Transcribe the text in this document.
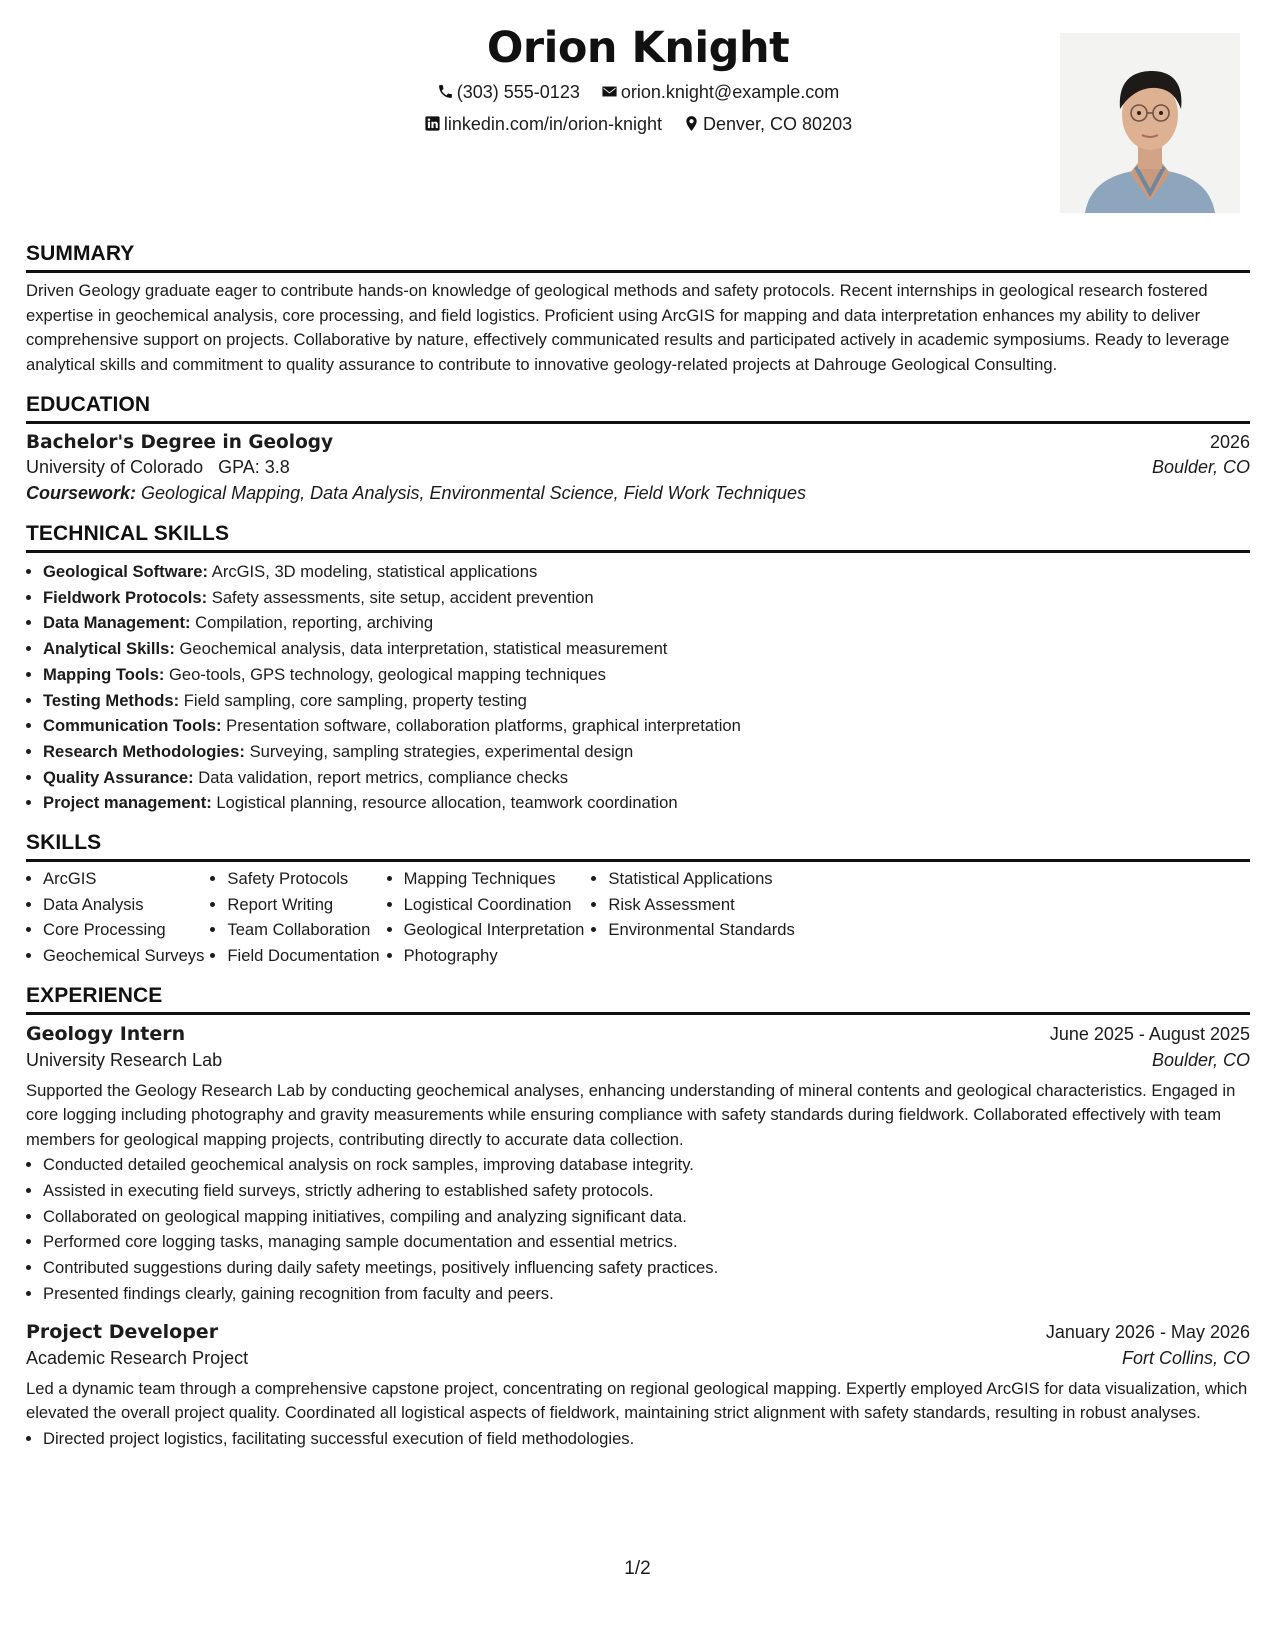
Orion Knight
(303) 555-0123 orion.knight@example.com
linkedin.com/in/orion-knight Denver, CO 80203
SUMMARY

Driven Geology graduate eager to contribute hands-on knowledge of geological methods and safety protocols. Recent internships in geological research fostered expertise in geochemical analysis, core processing, and field logistics. Proficient using ArcGIS for mapping and data interpretation enhances my ability to deliver comprehensive support on projects. Collaborative by nature, effectively communicated results and participated actively in academic symposiums. Ready to leverage analytical skills and commitment to quality assurance to contribute to innovative geology-related projects at Dahrouge Geological Consulting.

EDUCATION
Bachelor's Degree in Geology	2026
University of Colorado GPA: 3.8	Boulder, CO
Coursework: Geological Mapping, Data Analysis, Environmental Science, Field Work Techniques
TECHNICAL SKILLS
• Geological Software: ArcGIS, 3D modeling, statistical applications
• Fieldwork Protocols: Safety assessments, site setup, accident prevention
• Data Management: Compilation, reporting, archiving
• Analytical Skills: Geochemical analysis, data interpretation, statistical measurement
• Mapping Tools: Geo-tools, GPS technology, geological mapping techniques
• Testing Methods: Field sampling, core sampling, property testing
• Communication Tools: Presentation software, collaboration platforms, graphical interpretation
• Research Methodologies: Surveying, sampling strategies, experimental design
• Quality Assurance: Data validation, report metrics, compliance checks
• Project management: Logistical planning, resource allocation, teamwork coordination
SKILLS
• ArcGIS
• Data Analysis
• Core Processing
• Geochemical Surveys
• Safety Protocols
• Report Writing
• Team Collaboration
• Field Documentation
• Mapping Techniques
• Logistical Coordination
• Geological Interpretation
• Photography
• Statistical Applications
• Risk Assessment
• Environmental Standards
EXPERIENCE
Geology Intern	June 2025 - August 2025
University Research Lab	Boulder, CO

Supported the Geology Research Lab by conducting geochemical analyses, enhancing understanding of mineral contents and geological characteristics. Engaged in core logging including photography and gravity measurements while ensuring compliance with safety standards during fieldwork. Collaborated effectively with team members for geological mapping projects, contributing directly to accurate data collection.

• Conducted detailed geochemical analysis on rock samples, improving database integrity.
• Assisted in executing field surveys, strictly adhering to established safety protocols.
• Collaborated on geological mapping initiatives, compiling and analyzing significant data.
• Performed core logging tasks, managing sample documentation and essential metrics.
• Contributed suggestions during daily safety meetings, positively influencing safety practices.
• Presented findings clearly, gaining recognition from faculty and peers.
Project Developer	January 2026 - May 2026
Academic Research Project	Fort Collins, CO

Led a dynamic team through a comprehensive capstone project, concentrating on regional geological mapping. Expertly employed ArcGIS for data visualization, which elevated the overall project quality. Coordinated all logistical aspects of fieldwork, maintaining strict alignment with safety standards, resulting in robust analyses.

• Directed project logistics, facilitating successful execution of field methodologies.
1/2
